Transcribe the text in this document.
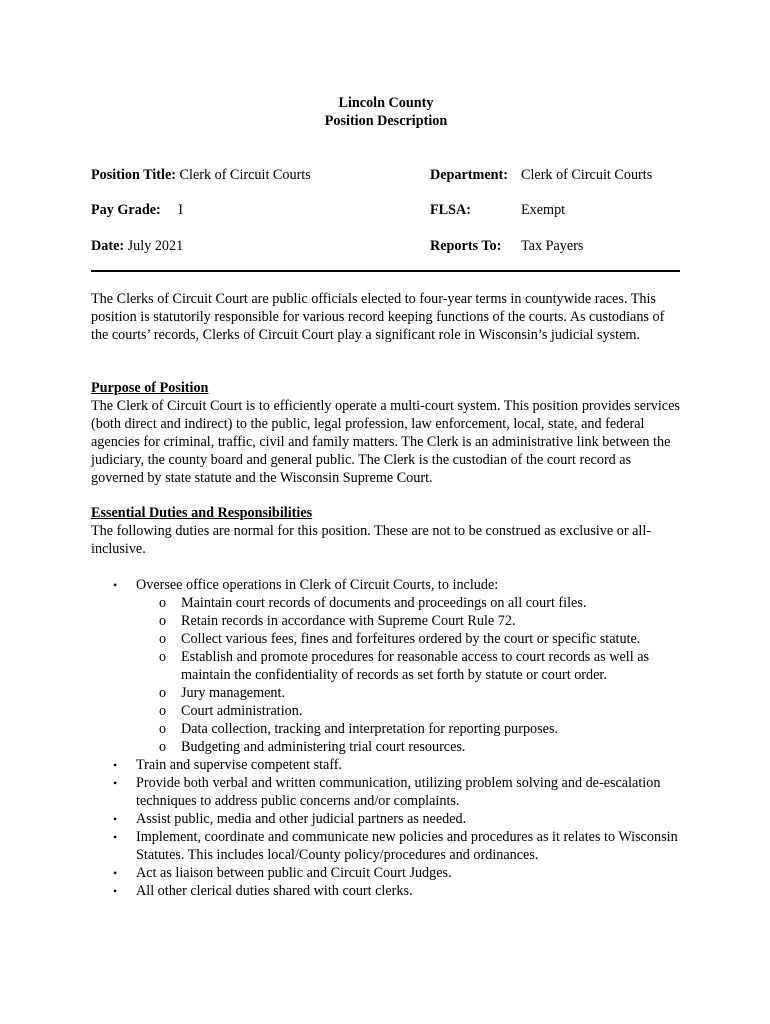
Lincoln County
Position Description
Position Title: Clerk of Circuit Courts	Department: Clerk of Circuit Courts
Pay Grade: I	FLSA:	Exempt
Date: July 2021	Reports To: Tax Payers

The Clerks of Circuit Court are public officials elected to four-year terms in countywide races. This position is statutorily responsible for various record keeping functions of the courts. As custodians of the courts’ records, Clerks of Circuit Court play a significant role in Wisconsin’s judicial system.

Purpose of Position

The Clerk of Circuit Court is to efficiently operate a multi-court system. This position provides services (both direct and indirect) to the public, legal profession, law enforcement, local, state, and federal agencies for criminal, traffic, civil and family matters. The Clerk is an administrative link between the judiciary, the county board and general public. The Clerk is the custodian of the court record as governed by state statute and the Wisconsin Supreme Court.

Essential Duties and Responsibilities

The following duties are normal for this position. These are not to be construed as exclusive or all-inclusive.

• Oversee office operations in Clerk of Circuit Courts, to include:
o Maintain court records of documents and proceedings on all court files.
o Retain records in accordance with Supreme Court Rule 72.
o Collect various fees, fines and forfeitures ordered by the court or specific statute.
o Establish and promote procedures for reasonable access to court records as well as maintain the confidentiality of records as set forth by statute or court order.
o Jury management.
o Court administration.
o Data collection, tracking and interpretation for reporting purposes.
o Budgeting and administering trial court resources.
• Train and supervise competent staff.
• Provide both verbal and written communication, utilizing problem solving and de-escalation techniques to address public concerns and/or complaints.
• Assist public, media and other judicial partners as needed.
• Implement, coordinate and communicate new policies and procedures as it relates to Wisconsin Statutes. This includes local/County policy/procedures and ordinances.
• Act as liaison between public and Circuit Court Judges.
• All other clerical duties shared with court clerks.
